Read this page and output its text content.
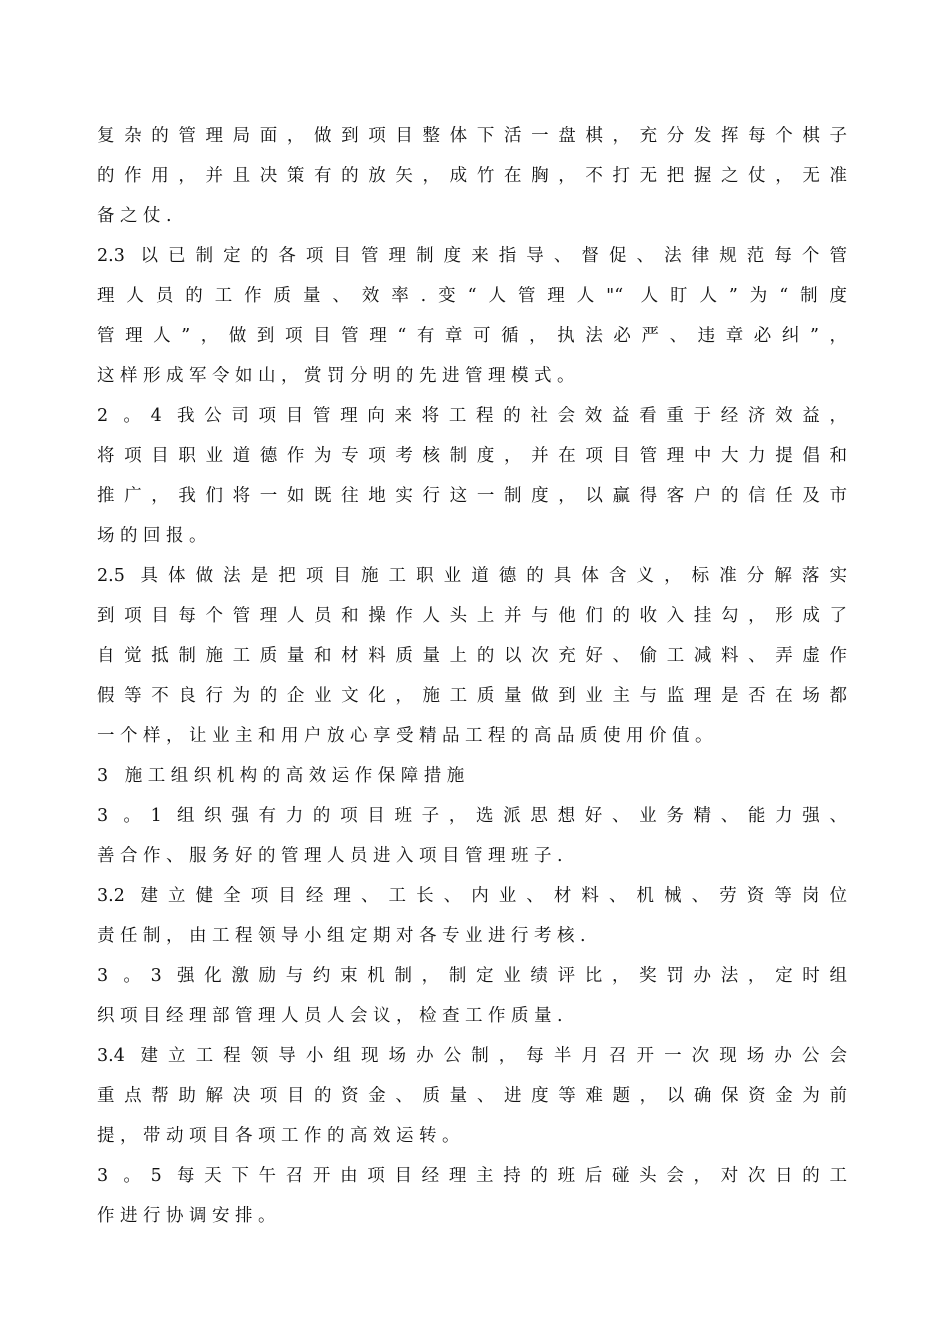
复杂的管理局面，做到项目整体下活一盘棋，充分发挥每个棋子
的作用，并且决策有的放矢，成竹在胸，不打无把握之仗，无准
备之仗.
2.3 以已制定的各项目管理制度来指导、督促、法律规范每个管
理人员的工作质量、效率.变“人管理人"“ 人盯人”为“制度
管理人”，做到项目管理“有章可循，执法必严、违章必纠”，
这样形成军令如山，赏罚分明的先进管理模式。
2 。4 我公司项目管理向来将工程的社会效益看重于经济效益，
将项目职业道德作为专项考核制度，并在项目管理中大力提倡和
推广，我们将一如既往地实行这一制度，以赢得客户的信任及市
场的回报。
2.5 具体做法是把项目施工职业道德的具体含义，标准分解落实
到项目每个管理人员和操作人头上并与他们的收入挂勾，形成了
自觉抵制施工质量和材料质量上的以次充好、偷工减料、弄虚作
假等不良行为的企业文化，施工质量做到业主与监理是否在场都
一个样，让业主和用户放心享受精品工程的高品质使用价值。
3 施工组织机构的高效运作保障措施
3 。1 组织强有力的项目班子，选派思想好、业务精、能力强、
善合作、服务好的管理人员进入项目管理班子.
3.2 建立健全项目经理、工长、内业、材料、机械、劳资等岗位
责任制，由工程领导小组定期对各专业进行考核.
3 。3 强化激励与约束机制，制定业绩评比，奖罚办法，定时组
织项目经理部管理人员人会议，检查工作质量.
3.4 建立工程领导小组现场办公制，每半月召开一次现场办公会
重点帮助解决项目的资金、质量、进度等难题，以确保资金为前
提，带动项目各项工作的高效运转。
3 。5 每天下午召开由项目经理主持的班后碰头会，对次日的工
作进行协调安排。
